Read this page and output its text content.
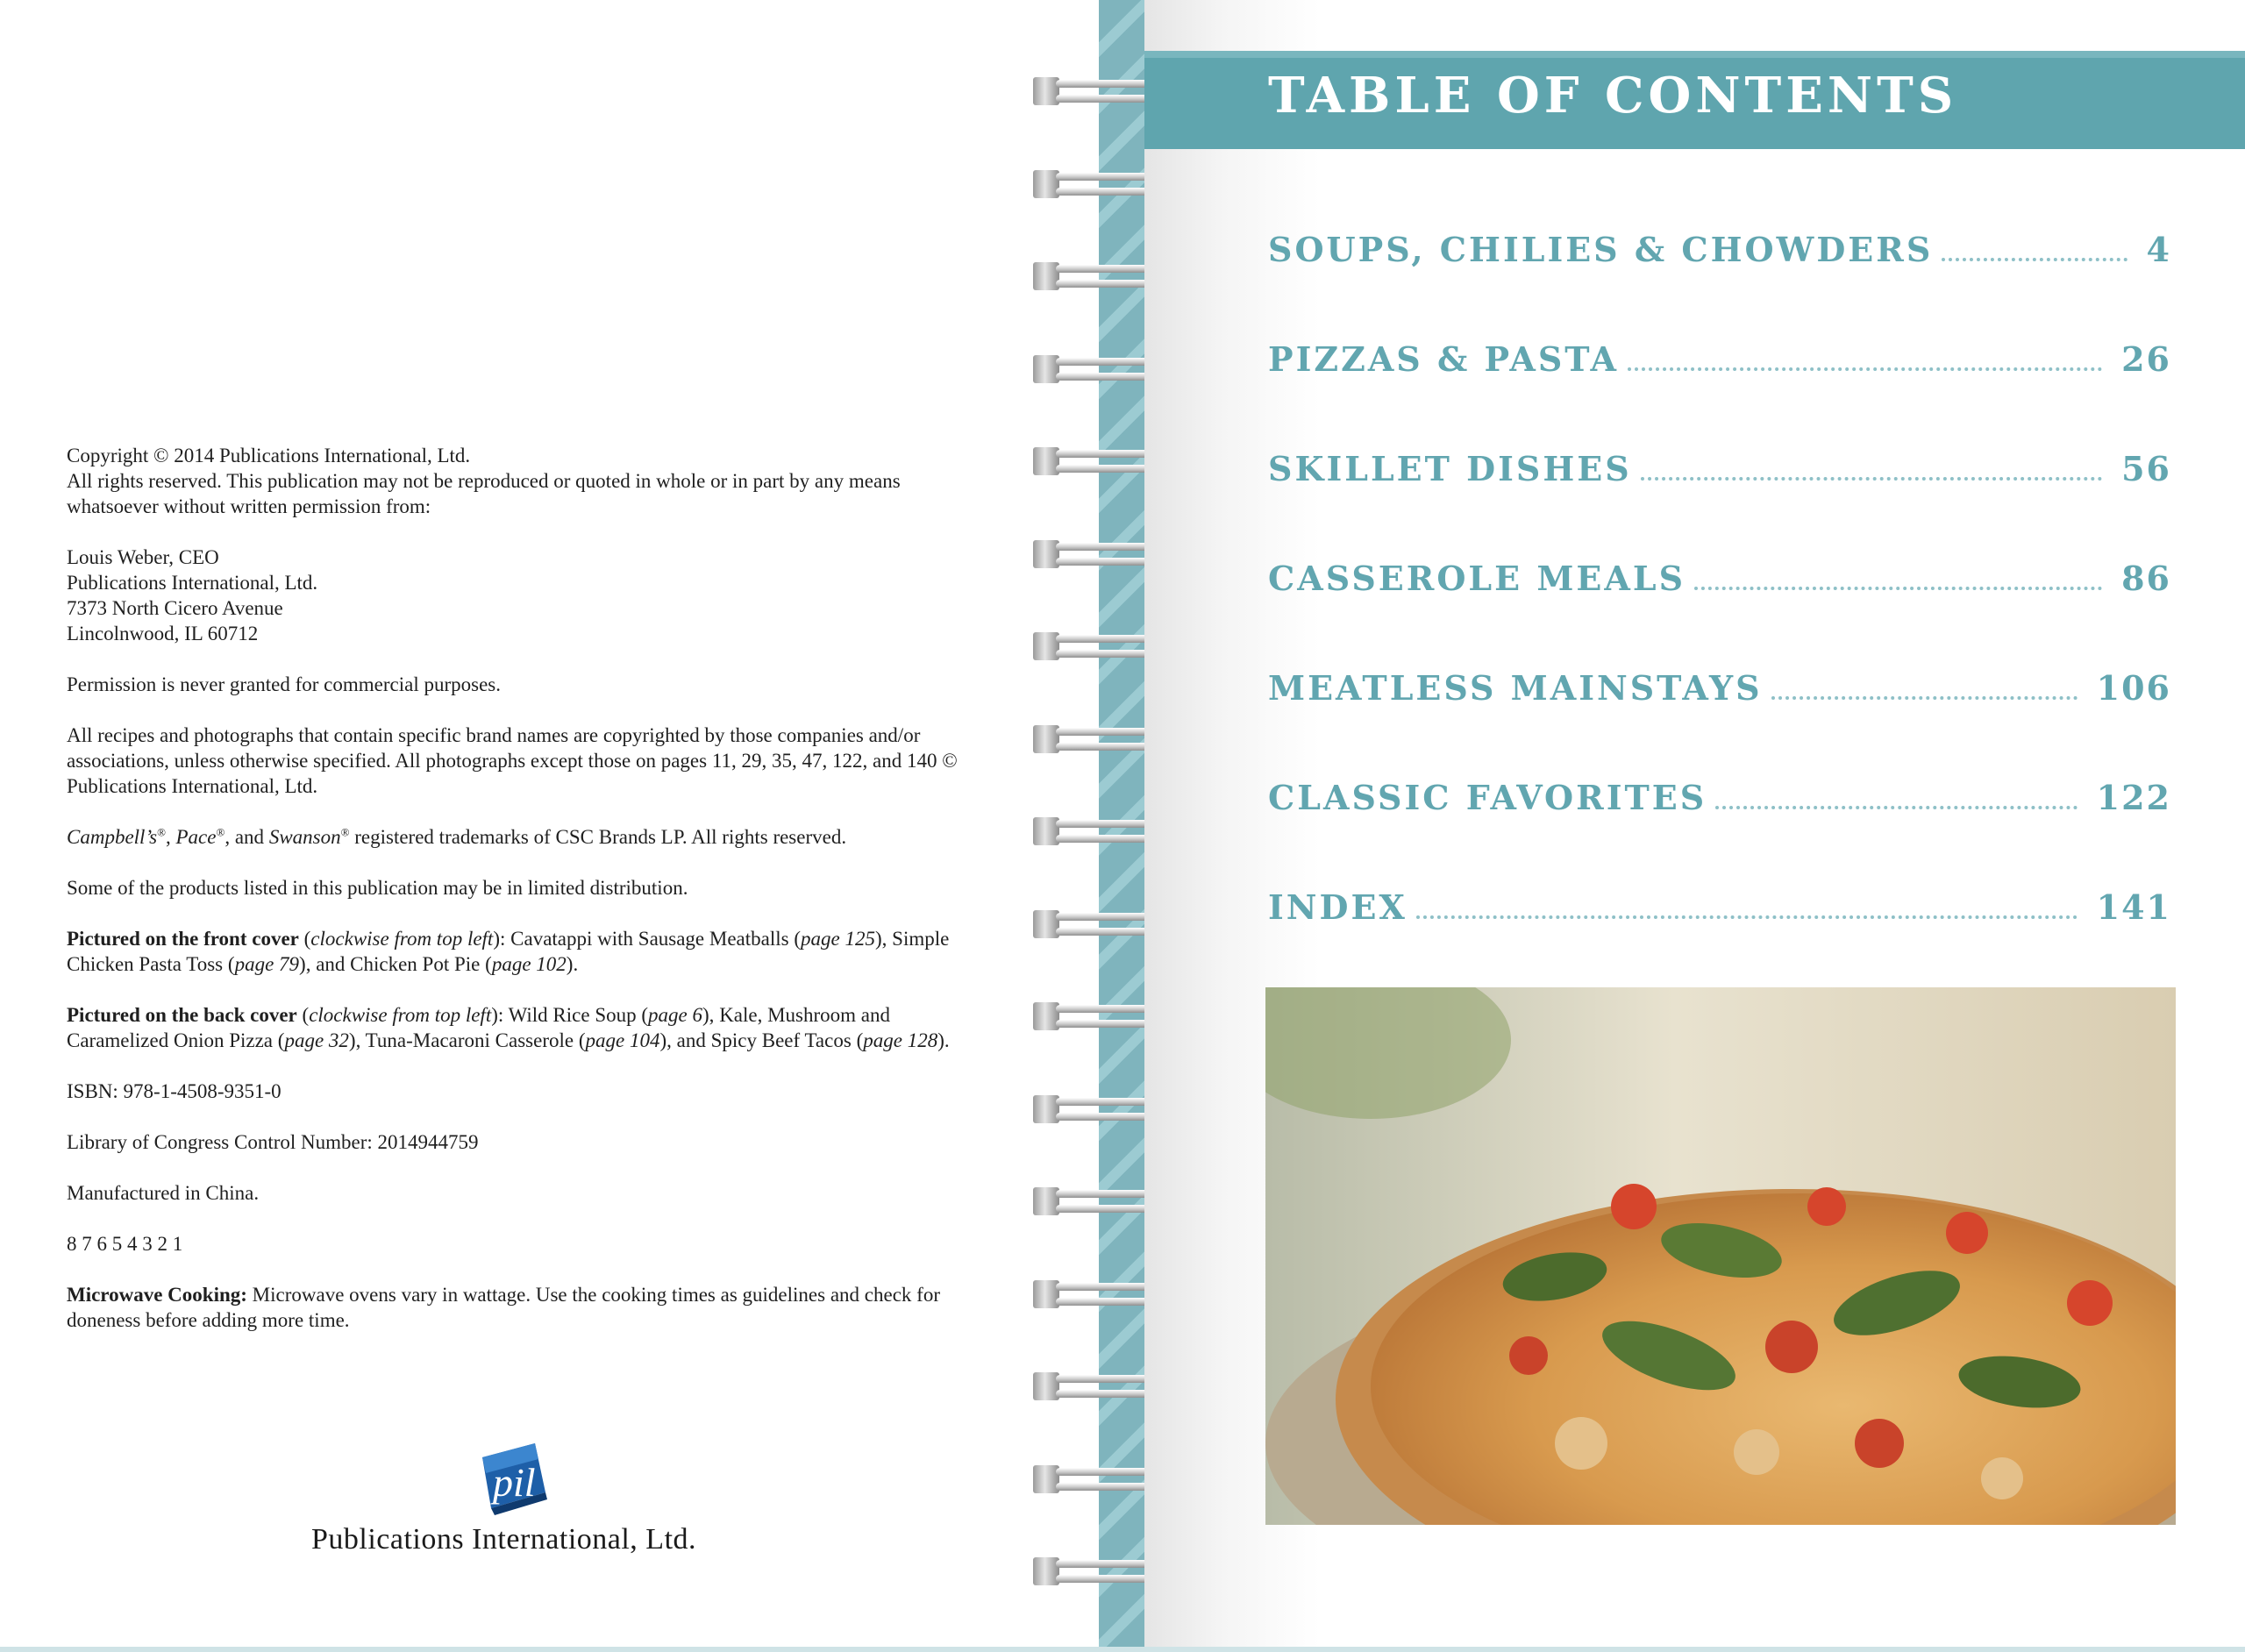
Copyright © 2014 Publications International, Ltd.

All rights reserved. This publication may not be reproduced or quoted in whole or in part by any means whatsoever without written permission from:

Louis Weber, CEO
Publications International, Ltd.
7373 North Cicero Avenue
Lincolnwood, IL 60712

Permission is never granted for commercial purposes.

All recipes and photographs that contain specific brand names are copyrighted by those companies and/or associations, unless otherwise specified. All photographs except those on pages 11, 29, 35, 47, 122, and 140 © Publications International, Ltd.

Campbell’s®, Pace®, and Swanson® registered trademarks of CSC Brands LP. All rights reserved.

Some of the products listed in this publication may be in limited distribution.

Pictured on the front cover (clockwise from top left): Cavatappi with Sausage Meatballs (page 125), Simple Chicken Pasta Toss (page 79), and Chicken Pot Pie (page 102).

Pictured on the back cover (clockwise from top left): Wild Rice Soup (page 6), Kale, Mushroom and Caramelized Onion Pizza (page 32), Tuna-Macaroni Casserole (page 104), and Spicy Beef Tacos (page 128).

ISBN: 978-1-4508-9351-0

Library of Congress Control Number: 2014944759

Manufactured in China.

8 7 6 5 4 3 2 1

Microwave Cooking: Microwave ovens vary in wattage. Use the cooking times as guidelines and check for doneness before adding more time.

pil
Publications International, Ltd.
TABLE OF CONTENTS
SOUPS, CHILIES & CHOWDERS	4
PIZZAS & PASTA	26
SKILLET DISHES	56
CASSEROLE MEALS	86
MEATLESS MAINSTAYS	106
CLASSIC FAVORITES	122
INDEX	141
